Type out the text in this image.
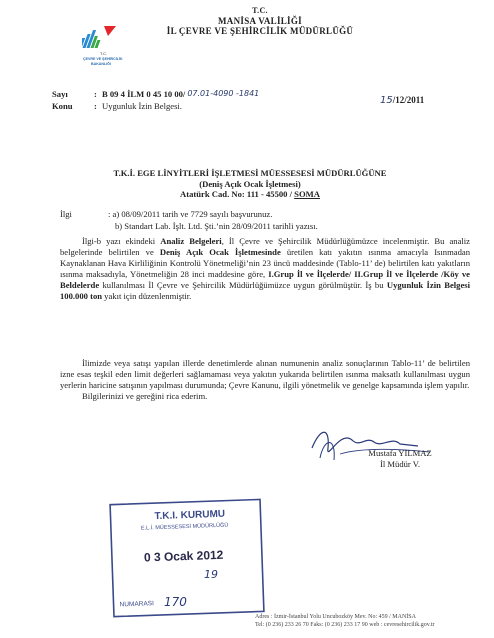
T.C.
ÇEVRE VE ŞEHİRCİLİK
BAKANLIĞI
T.C.
MANİSA VALİLİĞİ
İL ÇEVRE VE ŞEHİRCİLİK MÜDÜRLÜĞÜ
Sayı	: B 09 4 İLM 0 45 10 00/ 07.01-4090 -1841
Konu	: Uygunluk İzin Belgesi.	15/12/2011
T.K.İ. EGE LİNYİTLERİ İŞLETMESİ MÜESSESESİ MÜDÜRLÜĞÜNE
(Deniş Açık Ocak İşletmesi)
Atatürk Cad. No: 111 - 45500 / SOMA
İlgi	: a) 08/09/2011 tarih ve 7729 sayılı başvurunuz.
b) Standart Lab. İşlt. Ltd. Şti.’nin 28/09/2011 tarihli yazısı.
İlgi-b yazı ekindeki Analiz Belgeleri, İl Çevre ve Şehircilik Müdürlüğümüzce incelenmiştir. Bu analiz belgelerinde belirtilen ve Deniş Açık Ocak İşletmesinde üretilen katı yakıtın ısınma amacıyla Isınmadan Kaynaklanan Hava Kirliliğinin Kontrolü Yönetmeliği’nin 23 üncü maddesinde (Tablo-11’ de) belirtilen katı yakıtların ısınma maksadıyla, Yönetmeliğin 28 inci maddesine göre, I.Grup İl ve İlçelerde/ II.Grup İl ve İlçelerde /Köy ve Beldelerde kullanılması İl Çevre ve Şehircilik Müdürlüğümüzce uygun görülmüştür. İş bu Uygunluk İzin Belgesi 100.000 ton yakıt için düzenlenmiştir.
İlimizde veya satışı yapılan illerde denetimlerde alınan numunenin analiz sonuçlarının Tablo-11’ de belirtilen izne esas teşkil eden limit değerleri sağlamaması veya yakıtın yukarıda belirtilen ısınma maksatlı kullanılması uygun yerlerin haricine satışının yapılması durumunda; Çevre Kanunu, ilgili yönetmelik ve genelge kapsamında işlem yapılır.
Bilgilerinizi ve gereğini rica ederim.
Mustafa YILMAZ
İl Müdür V.
T.K.I. KURUMU
E.L.İ. MÜESSESESİ MÜDÜRLÜĞÜ
0 3 Ocak 2012
19
NUMARASI 170
Adres : İzmir-İstanbul Yolu Uncubozköy Mev. No: 459 / MANİSA
Tel: (0 236) 233 26 70 Faks: (0 236) 233 17 90 web : cevresehircilik.gov.tr
